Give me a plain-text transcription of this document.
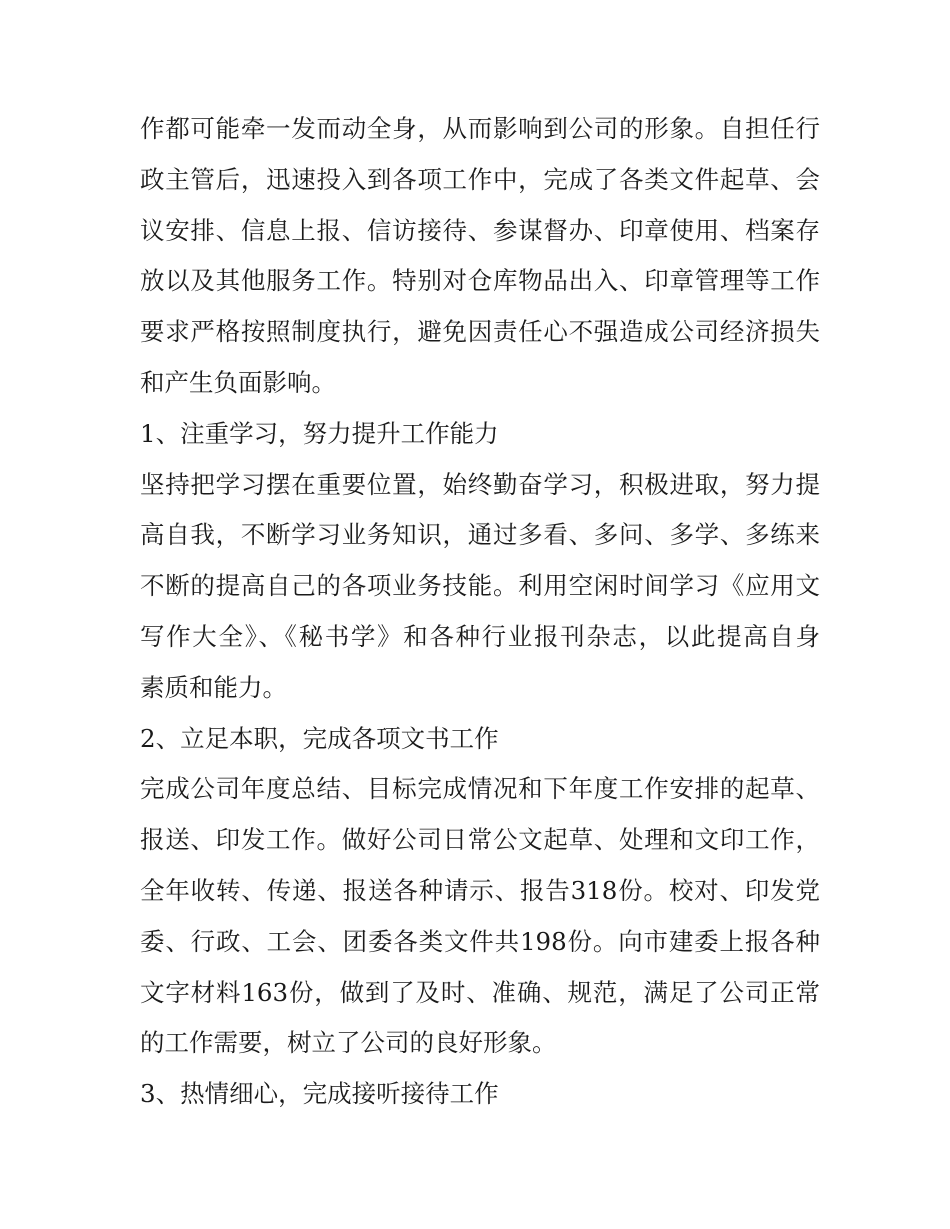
作都可能牵一发而动全身，从而影响到公司的形象。自担任行
政主管后，迅速投入到各项工作中，完成了各类文件起草、会
议安排、信息上报、信访接待、参谋督办、印章使用、档案存
放以及其他服务工作。特别对仓库物品出入、印章管理等工作
要求严格按照制度执行，避免因责任心不强造成公司经济损失
和产生负面影响。
1、注重学习，努力提升工作能力
坚持把学习摆在重要位置，始终勤奋学习，积极进取，努力提
高自我，不断学习业务知识，通过多看、多问、多学、多练来
不断的提高自己的各项业务技能。利用空闲时间学习《应用文
写作大全》、《秘书学》和各种行业报刊杂志，以此提高自身
素质和能力。
2、立足本职，完成各项文书工作
完成公司年度总结、目标完成情况和下年度工作安排的起草、
报送、印发工作。做好公司日常公文起草、处理和文印工作，
全年收转、传递、报送各种请示、报告318份。校对、印发党
委、行政、工会、团委各类文件共198份。向市建委上报各种
文字材料163份，做到了及时、准确、规范，满足了公司正常
的工作需要，树立了公司的良好形象。
3、热情细心，完成接听接待工作
